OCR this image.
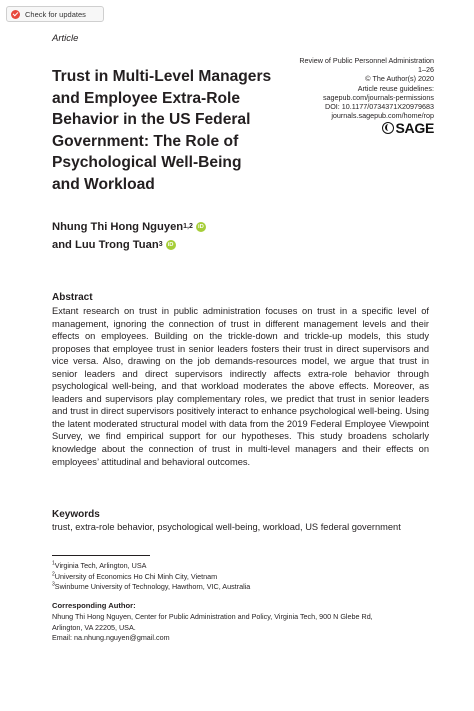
Check for updates
Article
Review of Public Personnel Administration
1–26
© The Author(s) 2020
Article reuse guidelines:
sagepub.com/journals-permissions
DOI: 10.1177/0734371X20979683
journals.sagepub.com/home/rop
SAGE
Trust in Multi-Level Managers
and Employee Extra-Role
Behavior in the US Federal
Government: The Role of
Psychological Well-Being
and Workload
Nhung Thi Hong Nguyen 1,2 iD
and Luu Trong Tuan 3 iD
Abstract
Extant research on trust in public administration focuses on trust in a specific level of management, ignoring the connection of trust in different management levels and their effects on employees. Building on the trickle-down and trickle-up models, this study proposes that employee trust in senior leaders fosters their trust in direct supervisors and vice versa. Also, drawing on the job demands-resources model, we argue that trust in senior leaders and direct supervisors indirectly affects extra-role behavior through psychological well-being, and that workload moderates the above effects. Moreover, as leaders and supervisors play complementary roles, we predict that trust in senior leaders and trust in direct supervisors positively interact to enhance psychological well-being. Using the latent moderated structural model with data from the 2019 Federal Employee Viewpoint Survey, we find empirical support for our hypotheses. This study broadens scholarly knowledge about the connection of trust in multi-level managers and their effects on employees’ attitudinal and behavioral outcomes.
Keywords
trust, extra-role behavior, psychological well-being, workload, US federal government
$^1$Virginia Tech, Arlington, USA
$^2$University of Economics Ho Chi Minh City, Vietnam
$^3$Swinburne University of Technology, Hawthorn, VIC, Australia
Corresponding Author:
Nhung Thi Hong Nguyen, Center for Public Administration and Policy, Virginia Tech, 900 N Glebe Rd,
Arlington, VA 22205, USA.
Email: na.nhung.nguyen@gmail.com
